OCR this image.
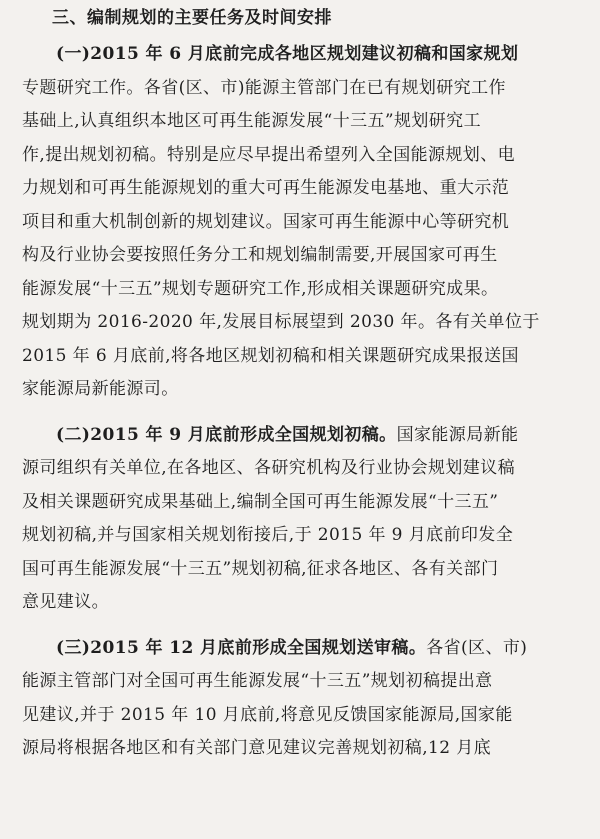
三、编制规划的主要任务及时间安排
(一)2015 年 6 月底前完成各地区规划建议初稿和国家规划
专题研究工作。各省(区、市)能源主管部门在已有规划研究工作
基础上,认真组织本地区可再生能源发展“十三五”规划研究工
作,提出规划初稿。特别是应尽早提出希望列入全国能源规划、电
力规划和可再生能源规划的重大可再生能源发电基地、重大示范
项目和重大机制创新的规划建议。国家可再生能源中心等研究机
构及行业协会要按照任务分工和规划编制需要,开展国家可再生
能源发展“十三五”规划专题研究工作,形成相关课题研究成果。
规划期为 2016-2020 年,发展目标展望到 2030 年。各有关单位于
2015 年 6 月底前,将各地区规划初稿和相关课题研究成果报送国
家能源局新能源司。
(二)2015 年 9 月底前形成全国规划初稿。国家能源局新能
源司组织有关单位,在各地区、各研究机构及行业协会规划建议稿
及相关课题研究成果基础上,编制全国可再生能源发展“十三五”
规划初稿,并与国家相关规划衔接后,于 2015 年 9 月底前印发全
国可再生能源发展“十三五”规划初稿,征求各地区、各有关部门
意见建议。
(三)2015 年 12 月底前形成全国规划送审稿。各省(区、市)
能源主管部门对全国可再生能源发展“十三五”规划初稿提出意
见建议,并于 2015 年 10 月底前,将意见反馈国家能源局,国家能
源局将根据各地区和有关部门意见建议完善规划初稿,12 月底
